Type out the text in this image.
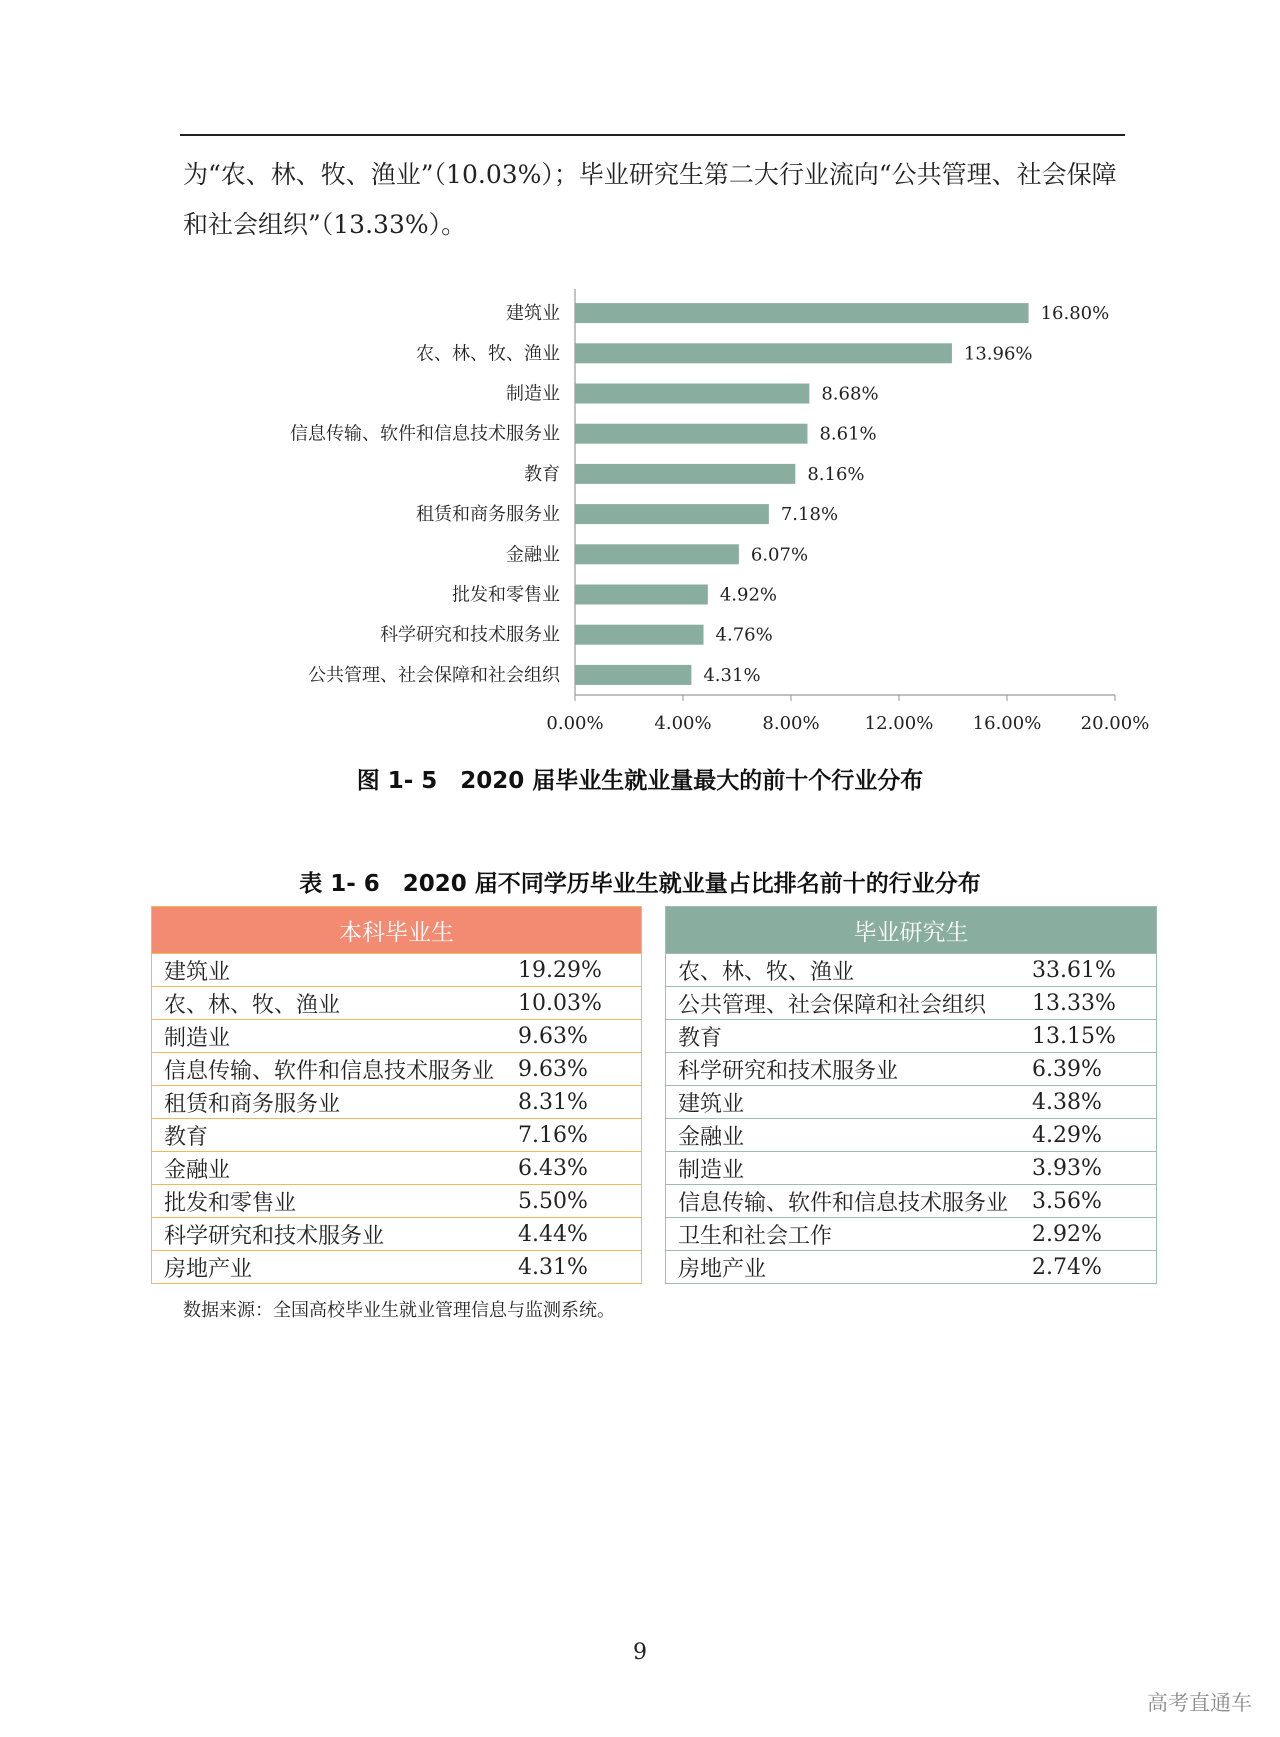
为“农、林、牧、渔业”（10.03%）；毕业研究生第二大行业流向“公共管理、社会保障和社会组织”（13.33%）。
0.00%	4.00%	8.00%	12.00% 16.00% 20.00%
建筑业	16.80%
农、林、牧、渔业	13.96%
制造业	8.68%
信息传输、软件和信息技术服务业	8.61%
教育	8.16%
租赁和商务服务业	7.18%
金融业	6.07%
批发和零售业	4.92%
科学研究和技术服务业	4.76%
公共管理、社会保障和社会组织	4.31%
图 1- 5　2020 届毕业生就业量最大的前十个行业分布
表 1- 6　2020 届不同学历毕业生就业量占比排名前十的行业分布
本科毕业生	
建筑业	19.29%
农、林、牧、渔业	10.03%
制造业	9.63%
信息传输、软件和信息技术服务业	9.63%
租赁和商务服务业	8.31%
教育	7.16%
金融业	6.43%
批发和零售业	5.50%
科学研究和技术服务业	4.44%
房地产业	4.31%
毕业研究生	
农、林、牧、渔业	33.61%
公共管理、社会保障和社会组织	13.33%
教育	13.15%
科学研究和技术服务业	6.39%
建筑业	4.38%
金融业	4.29%
制造业	3.93%
信息传输、软件和信息技术服务业	3.56%
卫生和社会工作	2.92%
房地产业	2.74%
数据来源：全国高校毕业生就业管理信息与监测系统。
9
高考直通车
